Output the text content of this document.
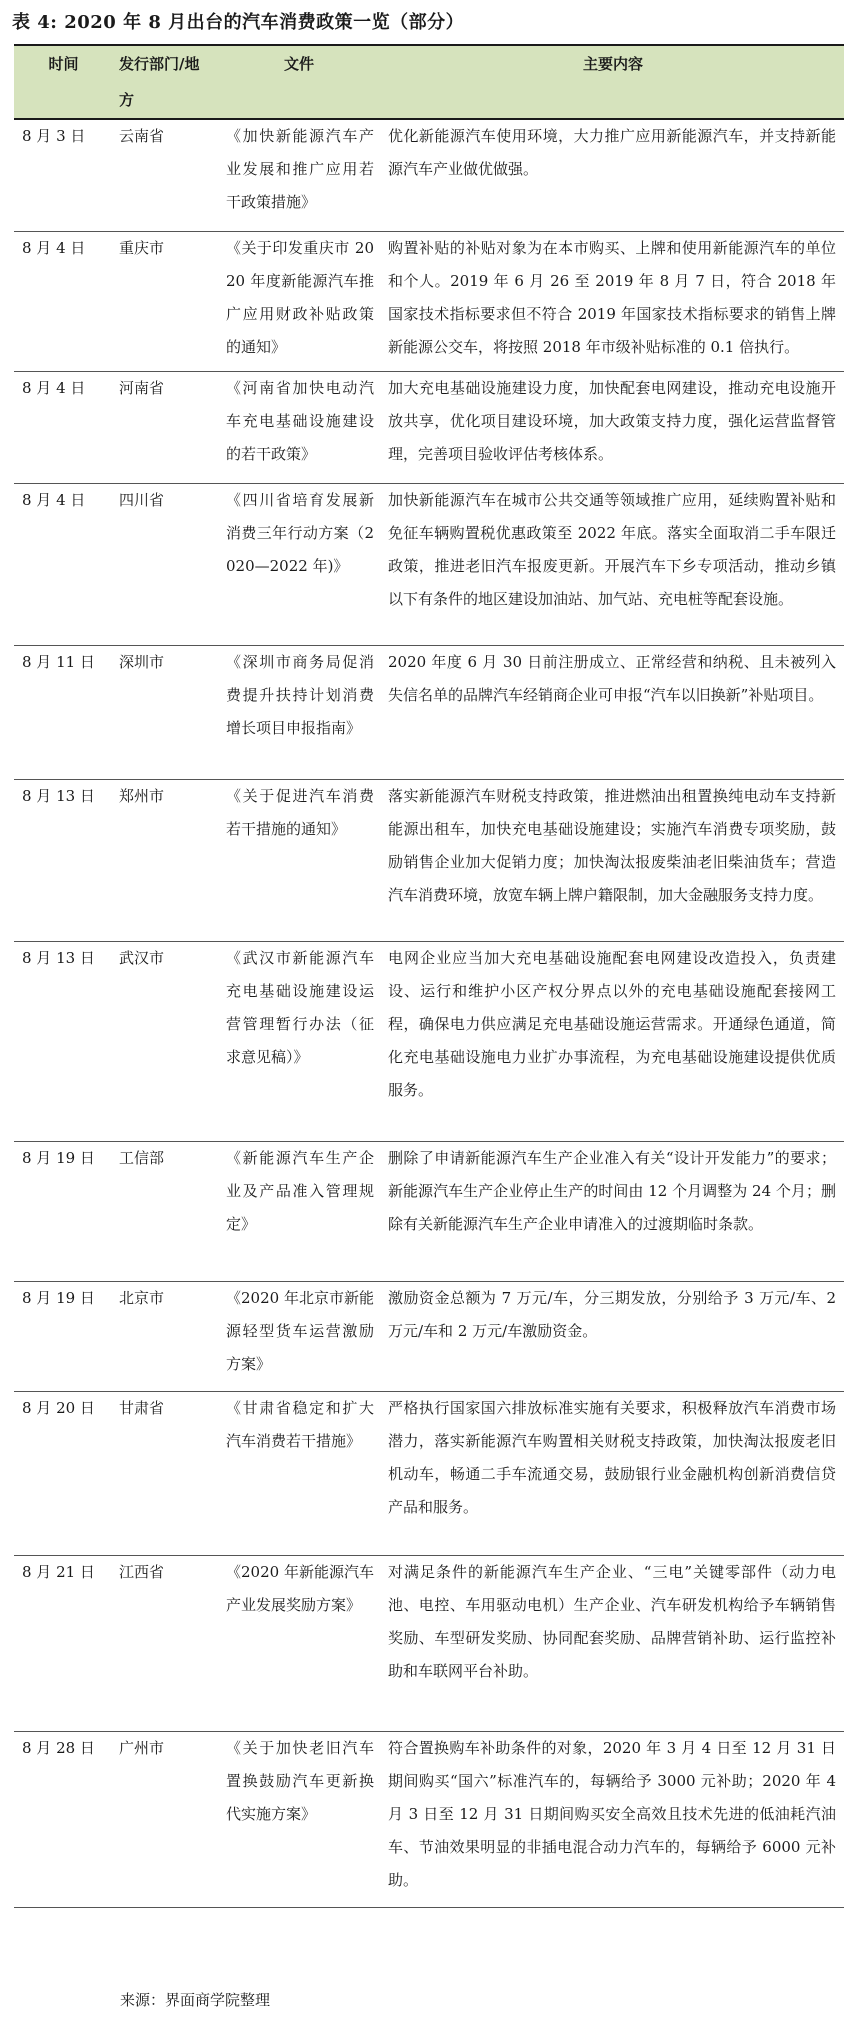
表 4: 2020 年 8 月出台的汽车消费政策一览（部分）
时间	发行部门/地方	文件	主要内容
8 月 3 日	云南省	《加快新能源汽车产业发展和推广应用若干政策措施》	优化新能源汽车使用环境，大力推广应用新能源汽车，并支持新能源汽车产业做优做强。
8 月 4 日	重庆市	《关于印发重庆市 2020 年度新能源汽车推广应用财政补贴政策的通知》	购置补贴的补贴对象为在本市购买、上牌和使用新能源汽车的单位和个人。2019 年 6 月 26 至 2019 年 8 月 7 日，符合 2018 年国家技术指标要求但不符合 2019 年国家技术指标要求的销售上牌新能源公交车，将按照 2018 年市级补贴标准的 0.1 倍执行。
8 月 4 日	河南省	《河南省加快电动汽车充电基础设施建设的若干政策》	加大充电基础设施建设力度，加快配套电网建设，推动充电设施开放共享，优化项目建设环境，加大政策支持力度，强化运营监督管理，完善项目验收评估考核体系。
8 月 4 日	四川省	《四川省培育发展新消费三年行动方案（2020—2022 年)》	加快新能源汽车在城市公共交通等领域推广应用，延续购置补贴和免征车辆购置税优惠政策至 2022 年底。落实全面取消二手车限迁政策，推进老旧汽车报废更新。开展汽车下乡专项活动，推动乡镇以下有条件的地区建设加油站、加气站、充电桩等配套设施。
8 月 11 日	深圳市	《深圳市商务局促消费提升扶持计划消费增长项目申报指南》	2020 年度 6 月 30 日前注册成立、正常经营和纳税、且未被列入失信名单的品牌汽车经销商企业可申报“汽车以旧换新”补贴项目。
8 月 13 日	郑州市	《关于促进汽车消费若干措施的通知》	落实新能源汽车财税支持政策，推进燃油出租置换纯电动车支持新能源出租车，加快充电基础设施建设；实施汽车消费专项奖励，鼓励销售企业加大促销力度；加快淘汰报废柴油老旧柴油货车；营造汽车消费环境，放宽车辆上牌户籍限制，加大金融服务支持力度。
8 月 13 日	武汉市	《武汉市新能源汽车充电基础设施建设运营管理暂行办法（征求意见稿）》	电网企业应当加大充电基础设施配套电网建设改造投入，负责建设、运行和维护小区产权分界点以外的充电基础设施配套接网工程，确保电力供应满足充电基础设施运营需求。开通绿色通道，简化充电基础设施电力业扩办事流程，为充电基础设施建设提供优质服务。
8 月 19 日	工信部	《新能源汽车生产企业及产品准入管理规定》	删除了申请新能源汽车生产企业准入有关“设计开发能力”的要求；新能源汽车生产企业停止生产的时间由 12 个月调整为 24 个月；删除有关新能源汽车生产企业申请准入的过渡期临时条款。
8 月 19 日	北京市	《2020 年北京市新能源轻型货车运营激励方案》	激励资金总额为 7 万元/车，分三期发放，分别给予 3 万元/车、2 万元/车和 2 万元/车激励资金。
8 月 20 日	甘肃省	《甘肃省稳定和扩大汽车消费若干措施》	严格执行国家国六排放标准实施有关要求，积极释放汽车消费市场潜力，落实新能源汽车购置相关财税支持政策，加快淘汰报废老旧机动车，畅通二手车流通交易，鼓励银行业金融机构创新消费信贷产品和服务。
8 月 21 日	江西省	《2020 年新能源汽车产业发展奖励方案》	对满足条件的新能源汽车生产企业、“三电”关键零部件（动力电池、电控、车用驱动电机）生产企业、汽车研发机构给予车辆销售奖励、车型研发奖励、协同配套奖励、品牌营销补助、运行监控补助和车联网平台补助。
8 月 28 日	广州市	《关于加快老旧汽车置换鼓励汽车更新换代实施方案》	符合置换购车补助条件的对象，2020 年 3 月 4 日至 12 月 31 日期间购买“国六”标准汽车的，每辆给予 3000 元补助；2020 年 4 月 3 日至 12 月 31 日期间购买安全高效且技术先进的低油耗汽油车、节油效果明显的非插电混合动力汽车的，每辆给予 6000 元补助。
来源：界面商学院整理
